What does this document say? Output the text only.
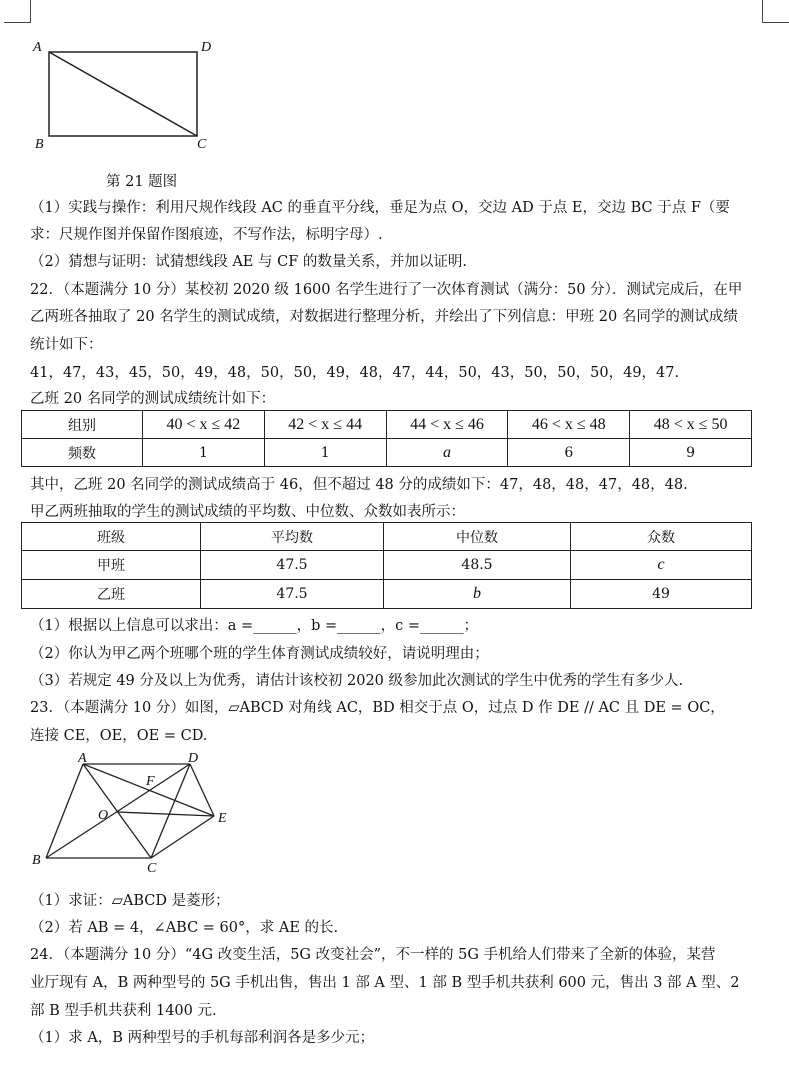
A	D
B	C
第 21 题图
（1）实践与操作：利用尺规作线段 AC 的垂直平分线，垂足为点 O，交边 AD 于点 E，交边 BC 于点 F（要
求：尺规作图并保留作图痕迹，不写作法，标明字母）.
（2）猜想与证明：试猜想线段 AE 与 CF 的数量关系，并加以证明.
22．（本题满分 10 分）某校初 2020 级 1600 名学生进行了一次体育测试（满分：50 分）．测试完成后，在甲
乙两班各抽取了 20 名学生的测试成绩，对数据进行整理分析，并绘出了下列信息：甲班 20 名同学的测试成绩
统计如下：
41，47，43，45，50，49，48，50，50，49，48，47，44，50，43，50，50，50，49，47.
乙班 20 名同学的测试成绩统计如下：
组别	40 < x ≤ 42	42 < x ≤ 44	44 < x ≤ 46	46 < x ≤ 48	48 < x ≤ 50
频数	1	1	a	6	9
其中，乙班 20 名同学的测试成绩高于 46，但不超过 48 分的成绩如下：47，48，48，47，48，48.
甲乙两班抽取的学生的测试成绩的平均数、中位数、众数如表所示：
班级	平均数	中位数	众数
甲班	47.5	48.5	c
乙班	47.5	b	49
（1）根据以上信息可以求出：a =______，b =______，c =______；
（2）你认为甲乙两个班哪个班的学生体育测试成绩较好，请说明理由；
（3）若规定 49 分及以上为优秀，请估计该校初 2020 级参加此次测试的学生中优秀的学生有多少人.
23．（本题满分 10 分）如图，▱ABCD 对角线 AC，BD 相交于点 O，过点 D 作 DE // AC 且 DE = OC，
连接 CE，OE，OE = CD.
A	D
F
O	E
B
C
（1）求证：▱ABCD 是菱形；
（2）若 AB = 4，∠ABC = 60°，求 AE 的长.
24．（本题满分 10 分）“4G 改变生活，5G 改变社会”，不一样的 5G 手机给人们带来了全新的体验，某营
业厅现有 A，B 两种型号的 5G 手机出售，售出 1 部 A 型、1 部 B 型手机共获利 600 元，售出 3 部 A 型、2
部 B 型手机共获利 1400 元.
（1）求 A，B 两种型号的手机每部利润各是多少元；
